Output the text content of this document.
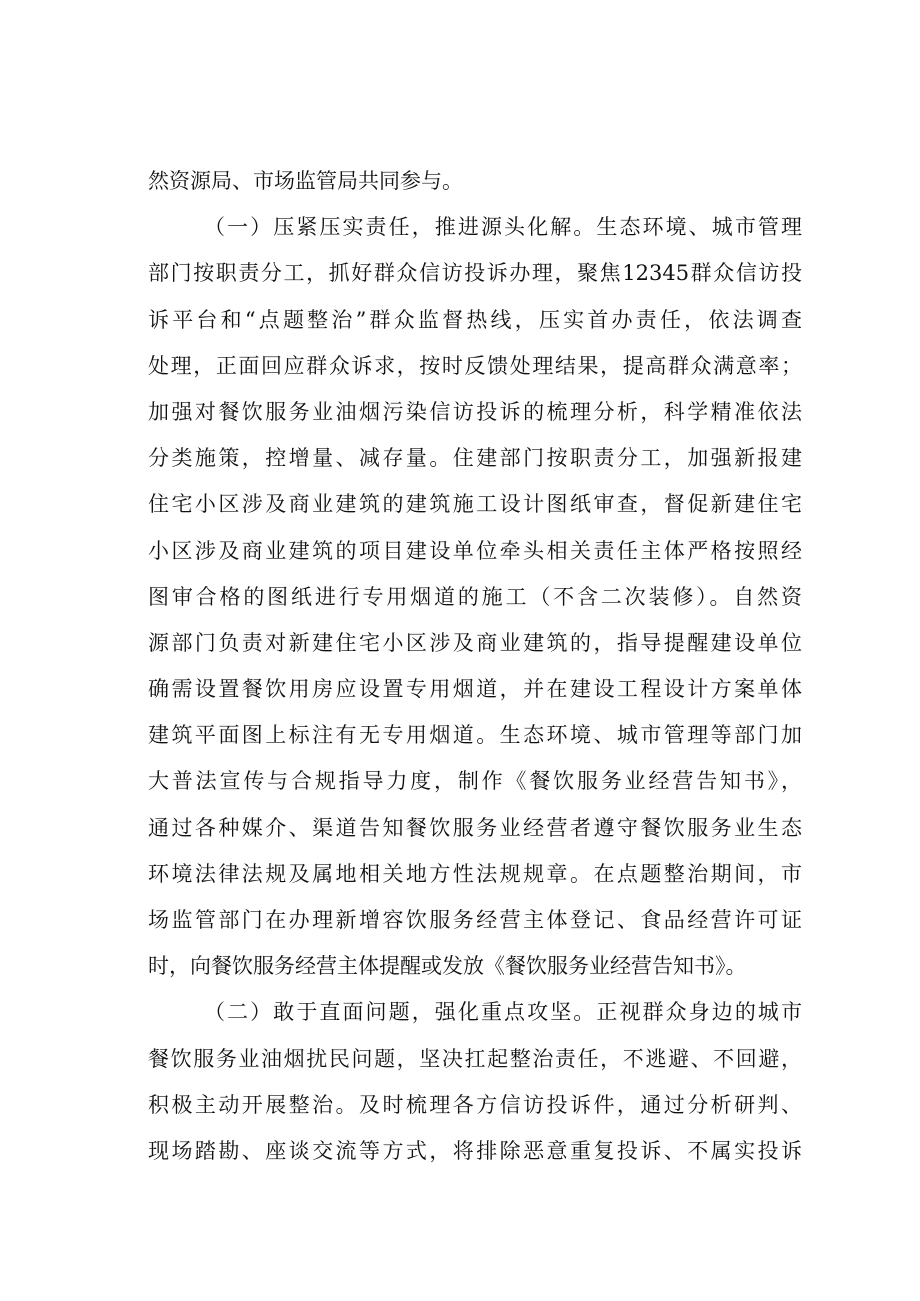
然资源局、市场监管局共同参与。
（一）压紧压实责任，推进源头化解。生态环境、城市管理
部门按职责分工，抓好群众信访投诉办理，聚焦12345群众信访投
诉平台和“点题整治”群众监督热线，压实首办责任，依法调查
处理，正面回应群众诉求，按时反馈处理结果，提高群众满意率；
加强对餐饮服务业油烟污染信访投诉的梳理分析，科学精准依法
分类施策，控增量、减存量。住建部门按职责分工，加强新报建
住宅小区涉及商业建筑的建筑施工设计图纸审查，督促新建住宅
小区涉及商业建筑的项目建设单位牵头相关责任主体严格按照经
图审合格的图纸进行专用烟道的施工（不含二次装修）。自然资
源部门负责对新建住宅小区涉及商业建筑的，指导提醒建设单位
确需设置餐饮用房应设置专用烟道，并在建设工程设计方案单体
建筑平面图上标注有无专用烟道。生态环境、城市管理等部门加
大普法宣传与合规指导力度，制作《餐饮服务业经营告知书》，
通过各种媒介、渠道告知餐饮服务业经营者遵守餐饮服务业生态
环境法律法规及属地相关地方性法规规章。在点题整治期间，市
场监管部门在办理新增容饮服务经营主体登记、食品经营许可证
时，向餐饮服务经营主体提醒或发放《餐饮服务业经营告知书》。
（二）敢于直面问题，强化重点攻坚。正视群众身边的城市
餐饮服务业油烟扰民问题，坚决扛起整治责任，不逃避、不回避，
积极主动开展整治。及时梳理各方信访投诉件，通过分析研判、
现场踏勘、座谈交流等方式，将排除恶意重复投诉、不属实投诉
